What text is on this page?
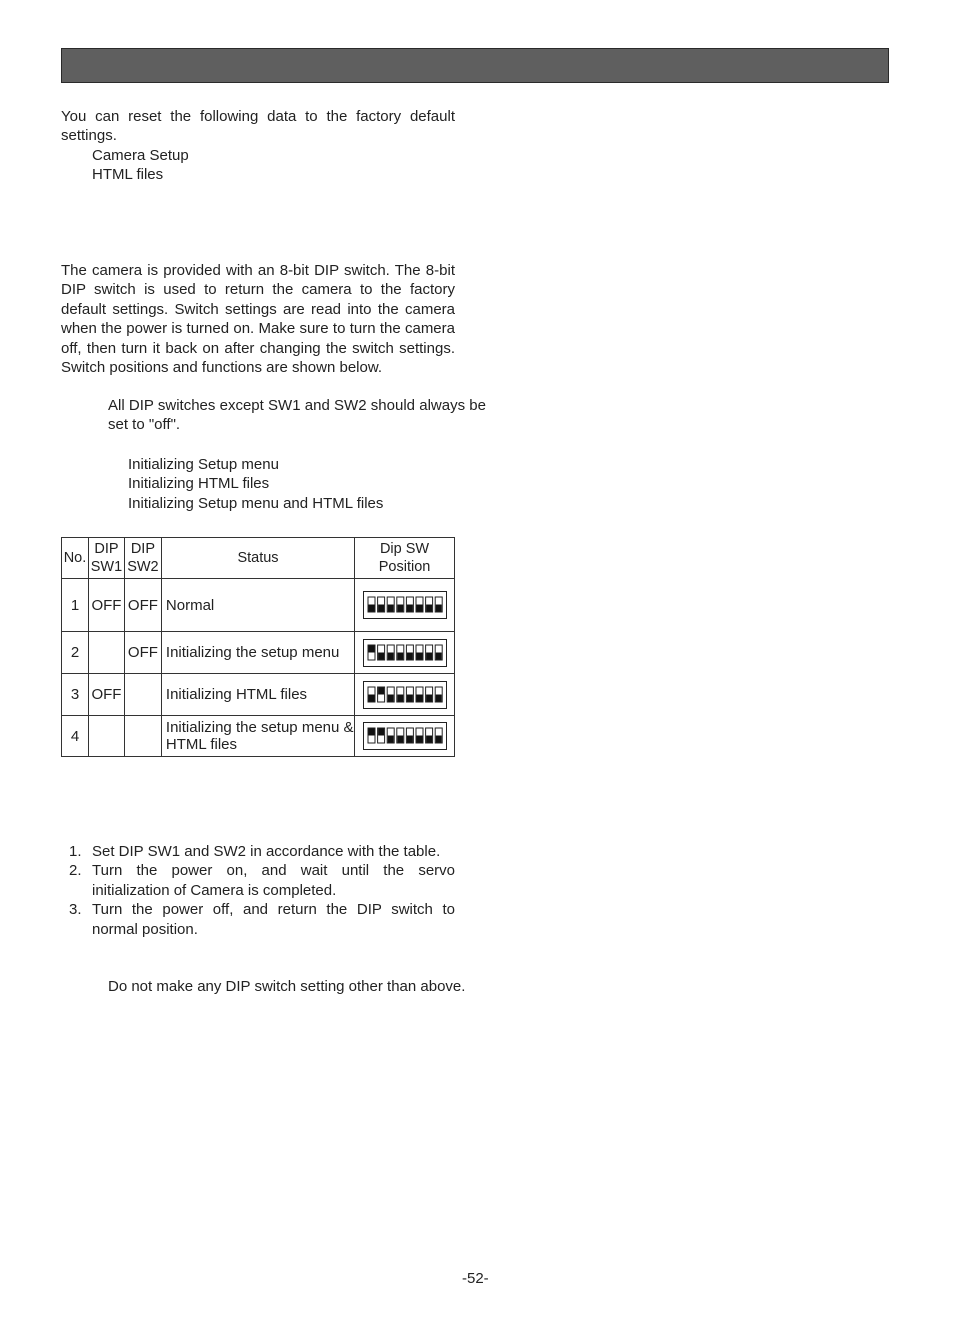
You can reset the following data to the factory default settings.

Camera Setup

HTML files

The camera is provided with an 8-bit DIP switch. The 8-bit DIP switch is used to return the camera to the factory default settings. Switch settings are read into the camera when the power is turned on. Make sure to turn the camera off, then turn it back on after changing the switch settings. Switch positions and functions are shown below.

All DIP switches except SW1 and SW2 should always be set to "off".

Initializing Setup menu

Initializing HTML files

Initializing Setup menu and HTML files

No.	DIP SW1	DIP SW2	Status	Dip SW Position
1	OFF	OFF	Normal	

2		OFF	Initializing the setup menu	

3	OFF		Initializing HTML files	

4			Initializing the setup menu & HTML files	
1. Set DIP SW1 and SW2 in accordance with the table.
2. Turn the power on, and wait until the servo initialization of Camera is completed.
3. Turn the power off, and return the DIP switch to normal position.

Do not make any DIP switch setting other than above.

-52-
